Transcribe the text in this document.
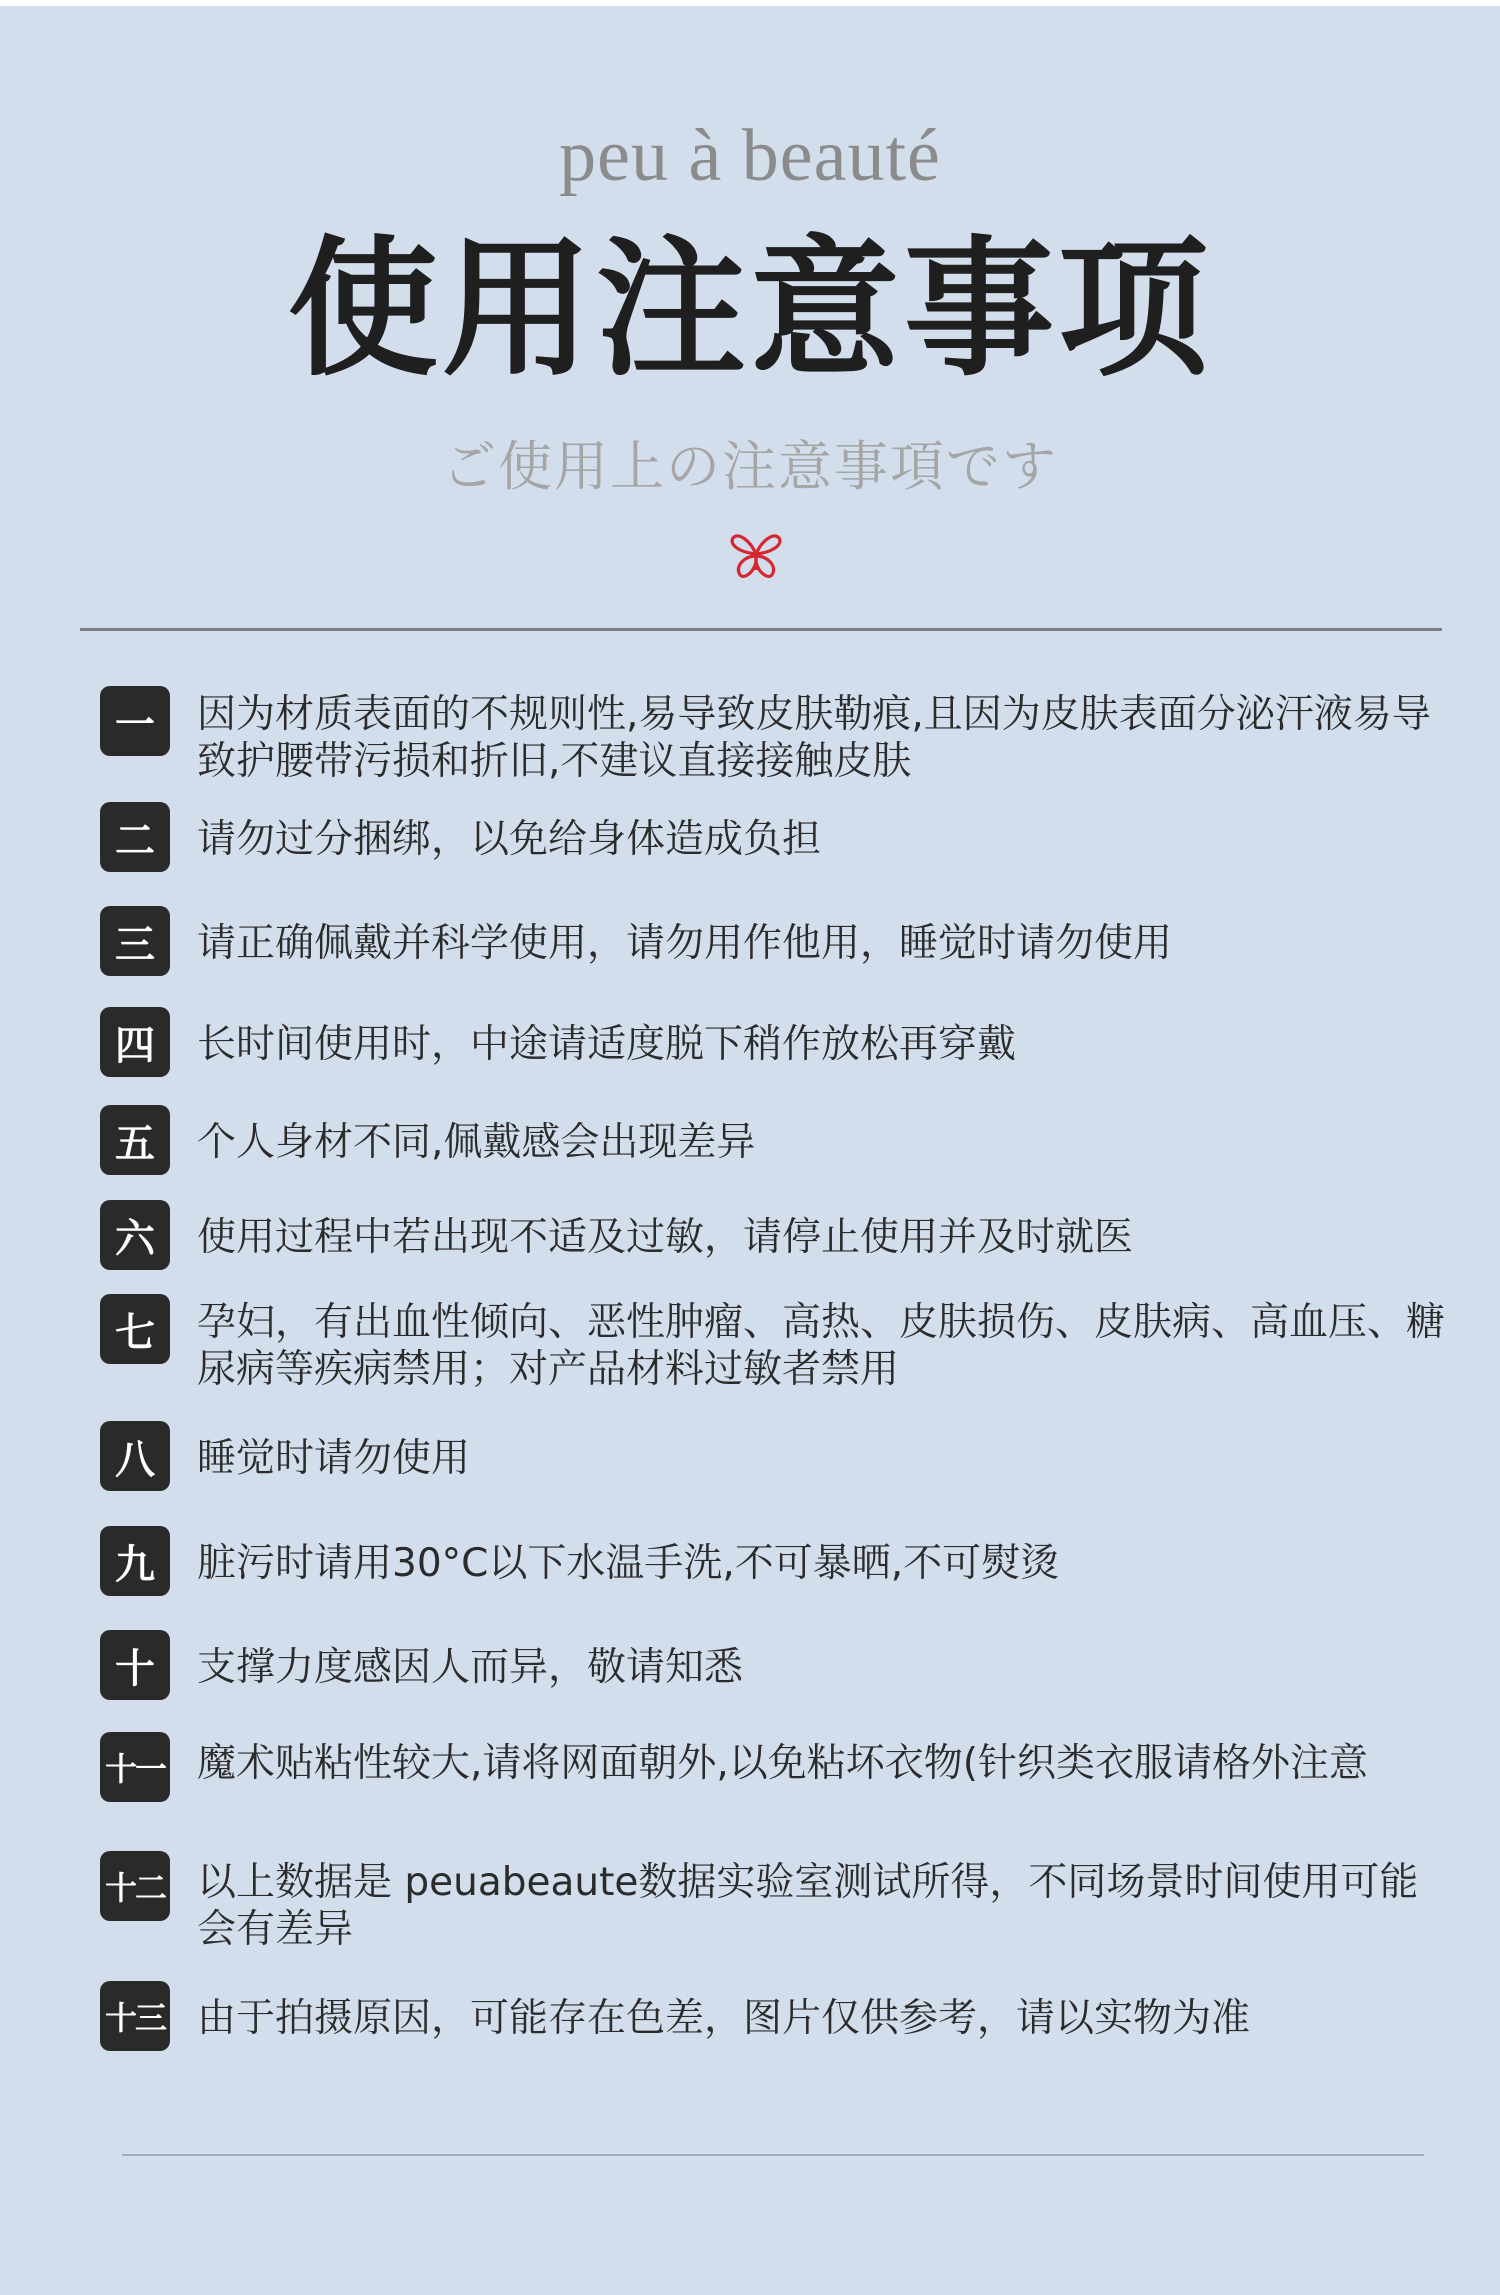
peu à beauté
使用注意事项
ご使用上の注意事項です
一	因为材质表面的不规则性,易导致皮肤勒痕,且因为皮肤表面分泌汗液易导致护腰带污损和折旧,不建议直接接触皮肤
二	请勿过分捆绑，以免给身体造成负担
三	请正确佩戴并科学使用，请勿用作他用，睡觉时请勿使用
四	长时间使用时，中途请适度脱下稍作放松再穿戴
五	个人身材不同,佩戴感会出现差异
六	使用过程中若出现不适及过敏，请停止使用并及时就医
七	孕妇，有出血性倾向、恶性肿瘤、高热、皮肤损伤、皮肤病、高血压、糖尿病等疾病禁用；对产品材料过敏者禁用
八	睡觉时请勿使用
九	脏污时请用30°C以下水温手洗,不可暴晒,不可熨烫
十	支撑力度感因人而异，敬请知悉
十一 魔术贴粘性较大,请将网面朝外,以免粘坏衣物(针织类衣服请格外注意
十二 以上数据是 peuabeaute数据实验室测试所得，不同场景时间使用可能会有差异
十三 由于拍摄原因，可能存在色差，图片仅供参考，请以实物为准
